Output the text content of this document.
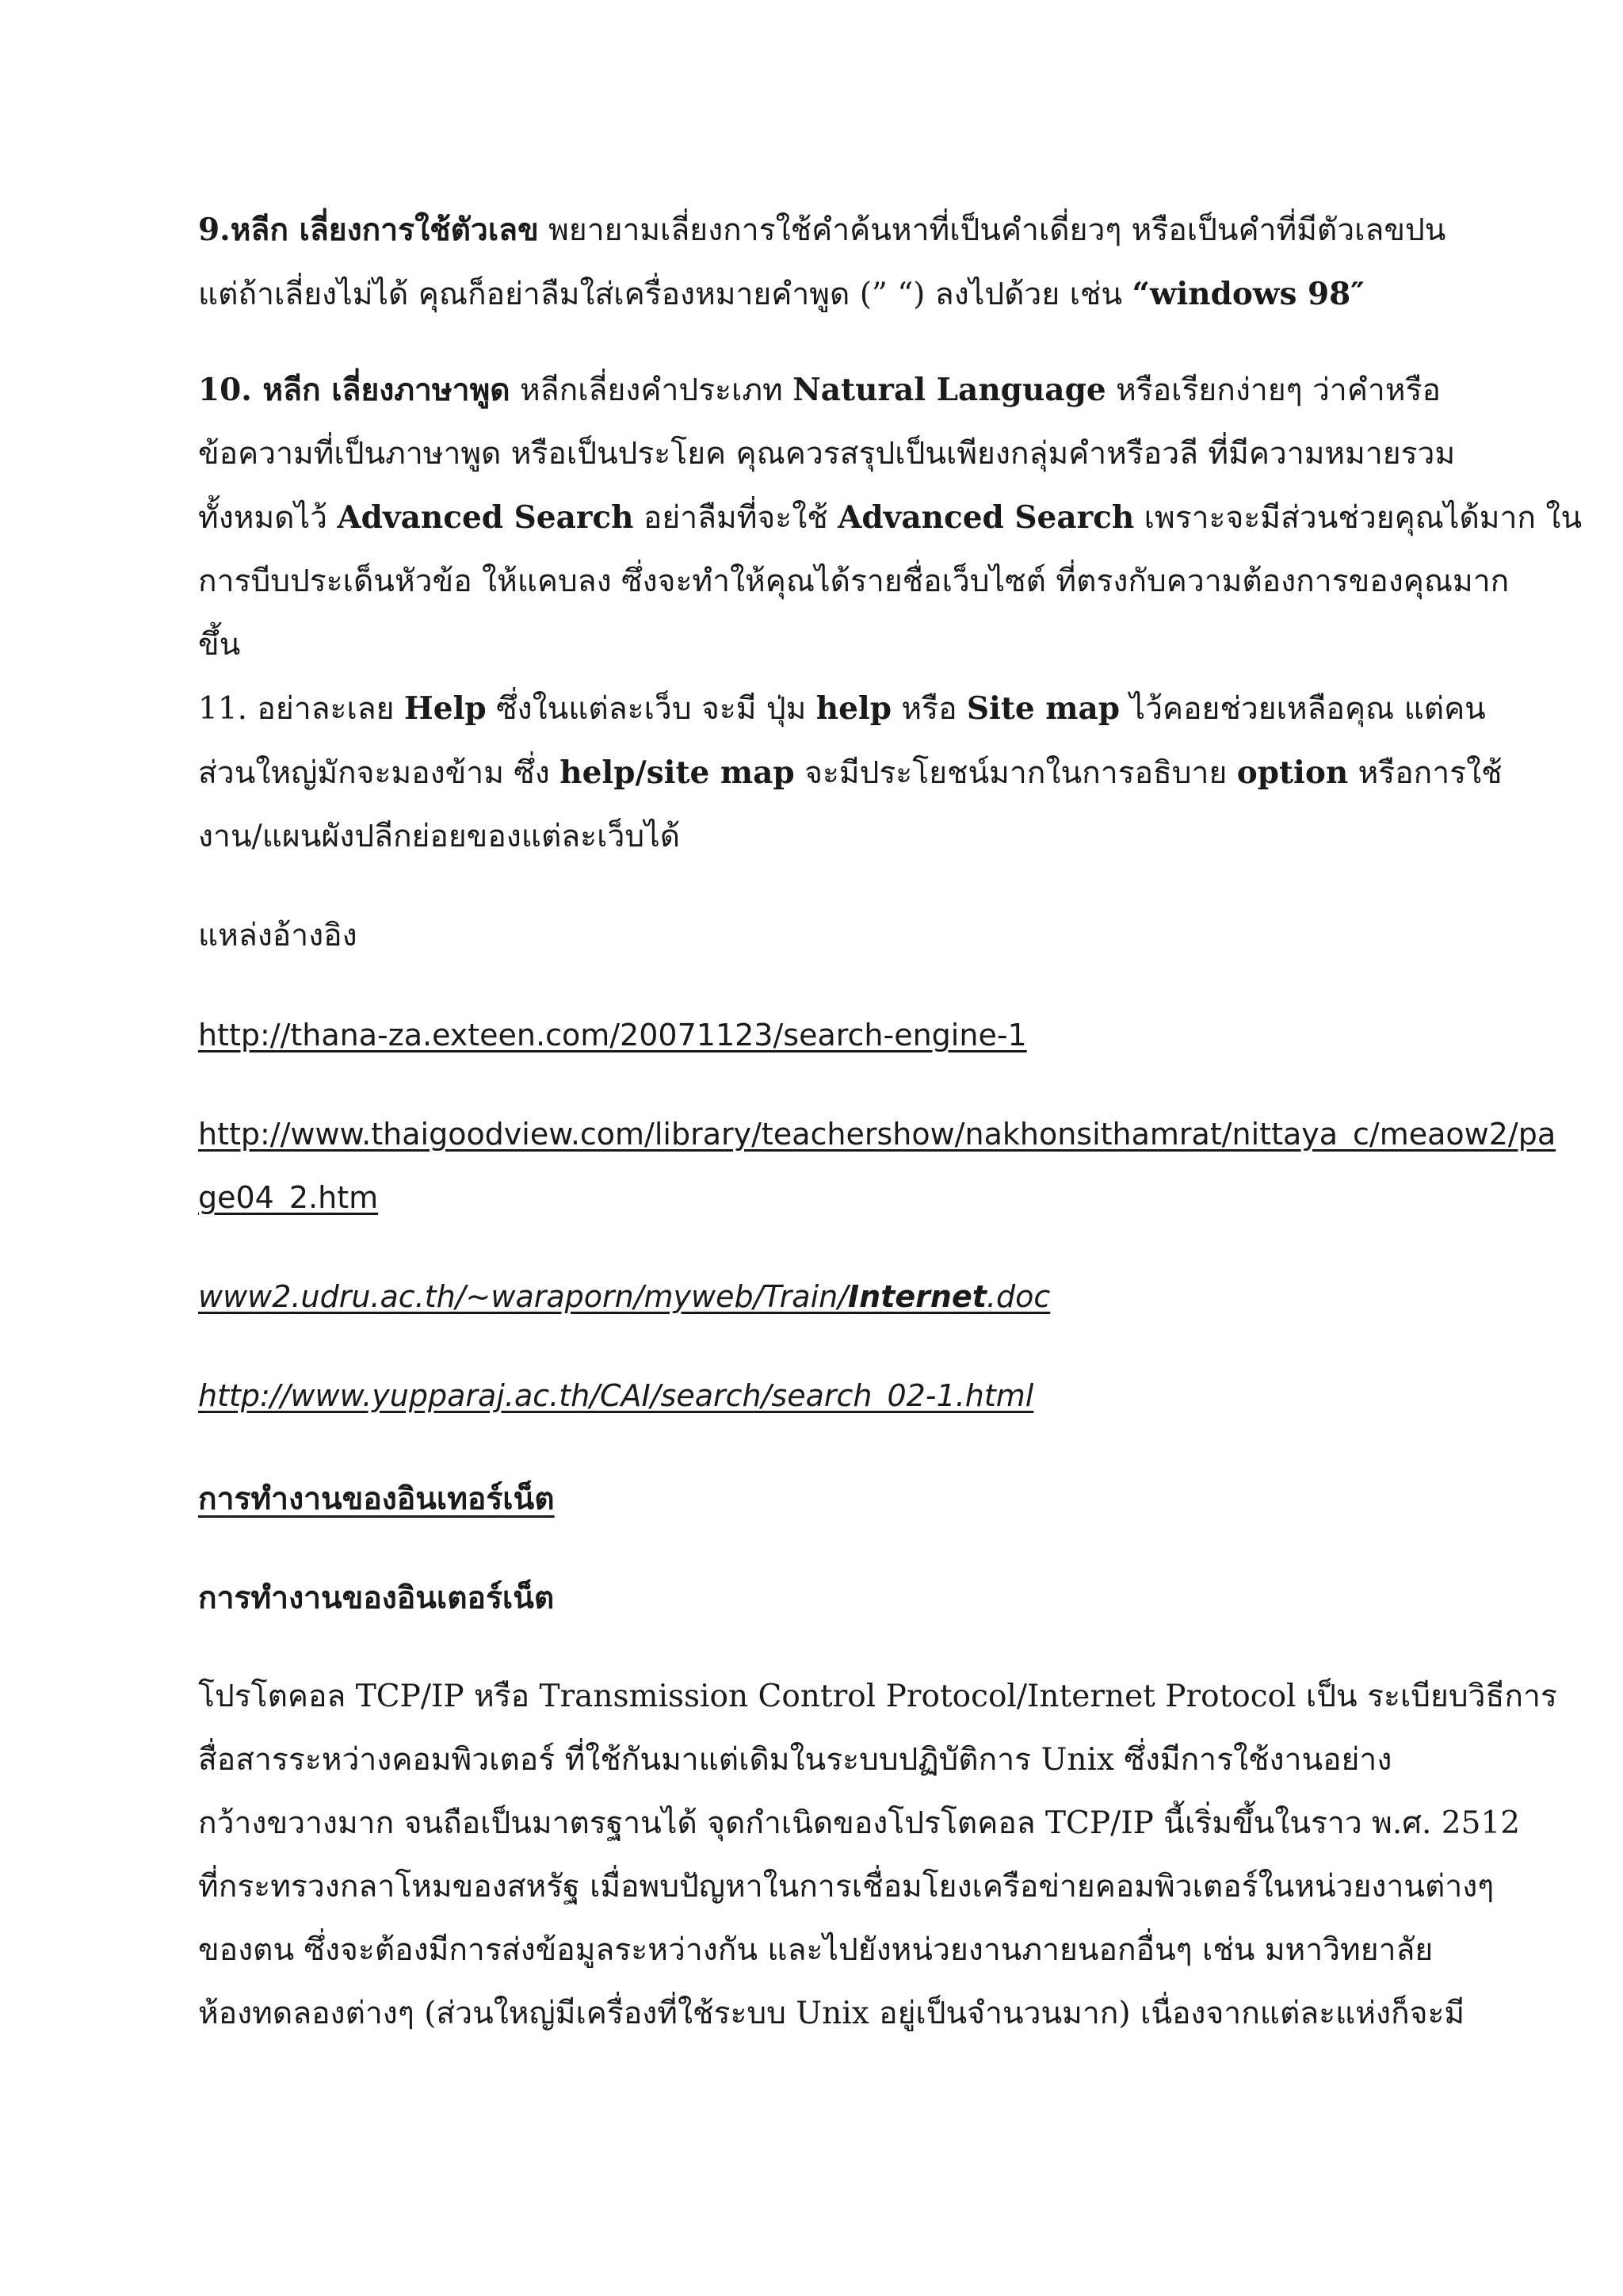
9.หลีก เลี่ยงการใช้ตัวเลข พยายามเลี่ยงการใช้คำค้นหาที่เป็นคำเดี่ยวๆ หรือเป็นคำที่มีตัวเลขปน
แต่ถ้าเลี่ยงไม่ได้ คุณก็อย่าลืมใส่เครื่องหมายคำพูด (” “) ลงไปด้วย เช่น “windows 98″
10. หลีก เลี่ยงภาษาพูด หลีกเลี่ยงคำประเภท Natural Language หรือเรียกง่ายๆ ว่าคำหรือ
ข้อความที่เป็นภาษาพูด หรือเป็นประโยค คุณควรสรุปเป็นเพียงกลุ่มคำหรือวลี ที่มีความหมายรวม
ทั้งหมดไว้ Advanced Search อย่าลืมที่จะใช้ Advanced Search เพราะจะมีส่วนช่วยคุณได้มาก ใน
การบีบประเด็นหัวข้อ ให้แคบลง ซึ่งจะทำให้คุณได้รายชื่อเว็บไซต์ ที่ตรงกับความต้องการของคุณมาก
ขึ้น
11. อย่าละเลย Help ซึ่งในแต่ละเว็บ จะมี ปุ่ม help หรือ Site map ไว้คอยช่วยเหลือคุณ แต่คน
ส่วนใหญ่มักจะมองข้าม ซึ่ง help/site map จะมีประโยชน์มากในการอธิบาย option หรือการใช้
งาน/แผนผังปลีกย่อยของแต่ละเว็บได้
แหล่งอ้างอิง
http://thana-za.exteen.com/20071123/search-engine-1
http://www.thaigoodview.com/library/teachershow/nakhonsithamrat/nittaya_c/meaow2/pa
ge04_2.htm
www2.udru.ac.th/~waraporn/myweb/Train/Internet.doc
http://www.yupparaj.ac.th/CAI/search/search_02-1.html
การทำงานของอินเทอร์เน็ต
การทำงานของอินเตอร์เน็ต
โปรโตคอล TCP/IP หรือ Transmission Control Protocol/Internet Protocol เป็น ระเบียบวิธีการ
สื่อสารระหว่างคอมพิวเตอร์ ที่ใช้กันมาแต่เดิมในระบบปฏิบัติการ Unix ซึ่งมีการใช้งานอย่าง
กว้างขวางมาก จนถือเป็นมาตรฐานได้ จุดกำเนิดของโปรโตคอล TCP/IP นี้เริ่มขึ้นในราว พ.ศ. 2512
ที่กระทรวงกลาโหมของสหรัฐ เมื่อพบปัญหาในการเชื่อมโยงเครือข่ายคอมพิวเตอร์ในหน่วยงานต่างๆ
ของตน ซึ่งจะต้องมีการส่งข้อมูลระหว่างกัน และไปยังหน่วยงานภายนอกอื่นๆ เช่น มหาวิทยาลัย
ห้องทดลองต่างๆ (ส่วนใหญ่มีเครื่องที่ใช้ระบบ Unix อยู่เป็นจำนวนมาก) เนื่องจากแต่ละแห่งก็จะมี
